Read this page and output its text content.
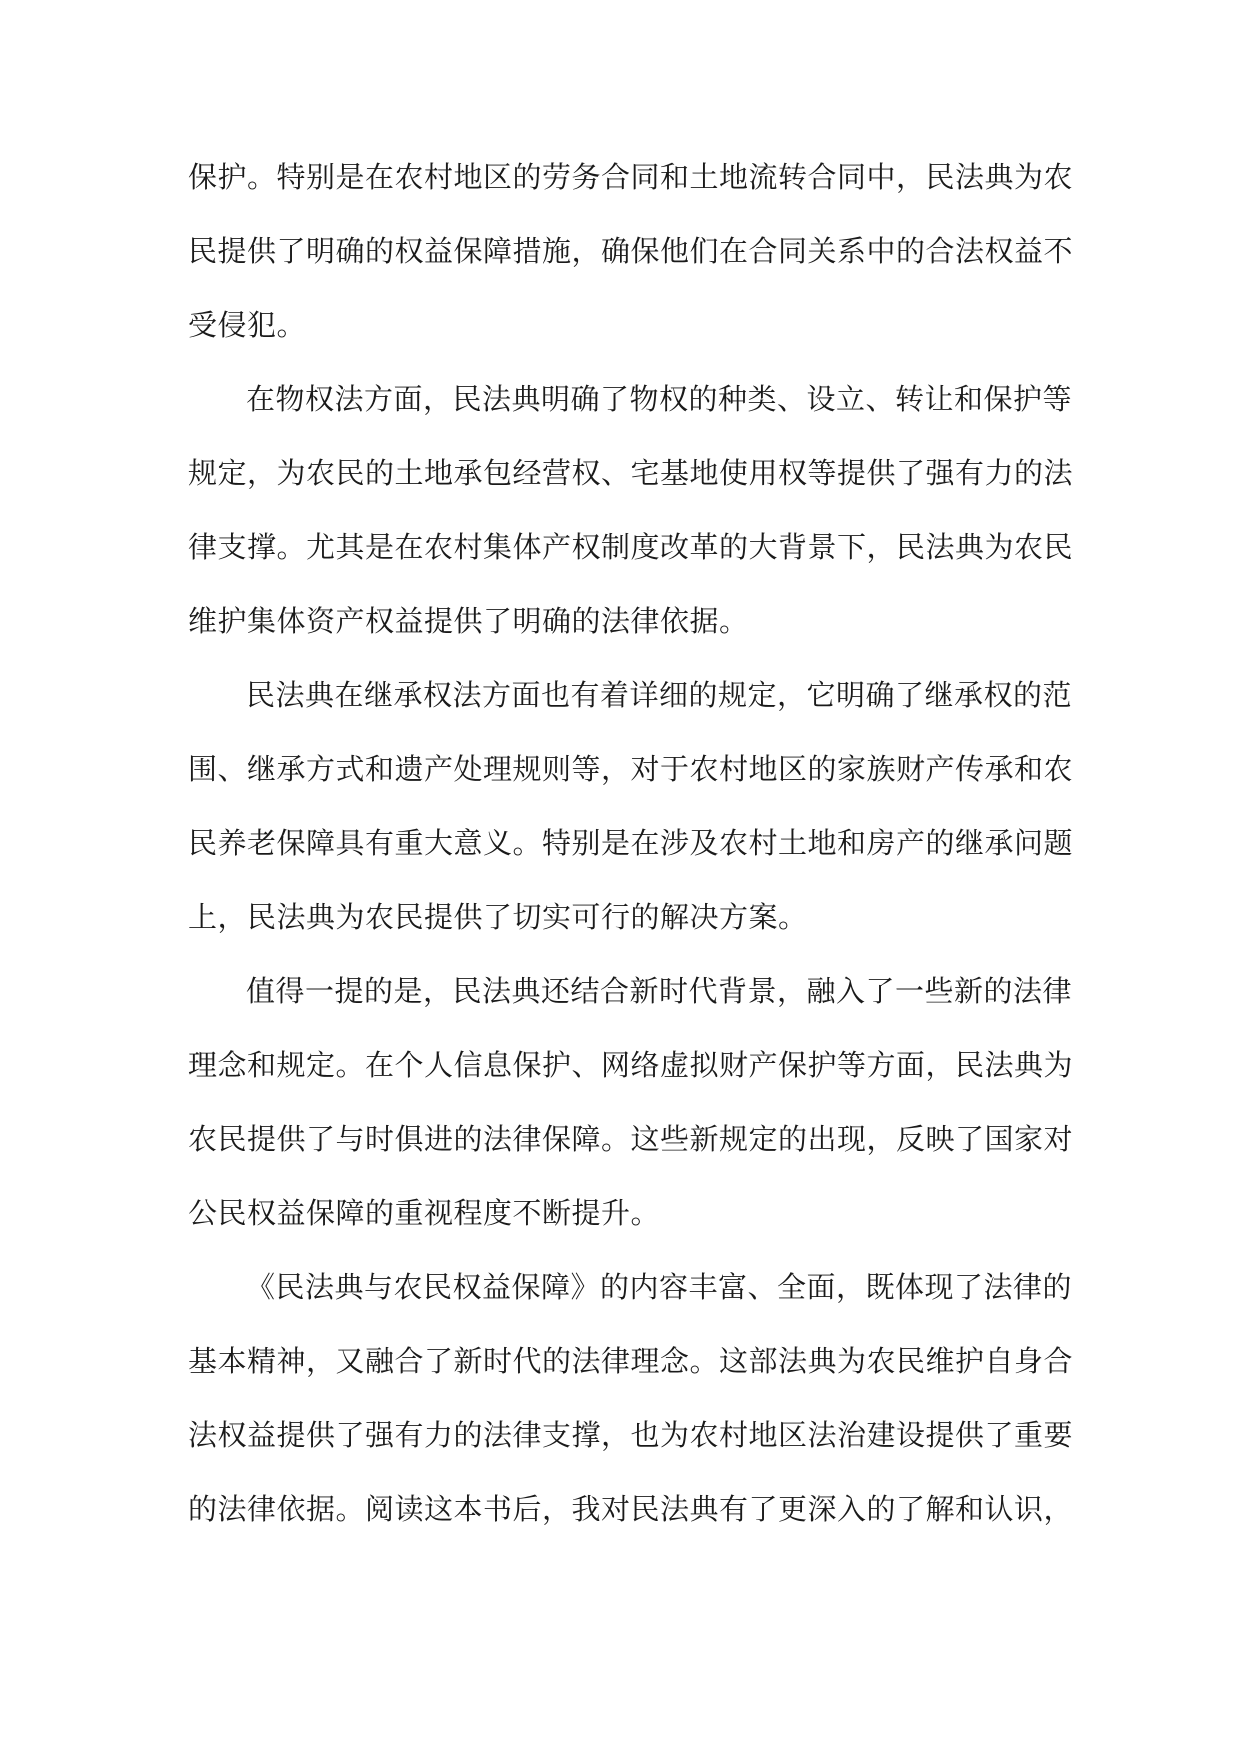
保护。特别是在农村地区的劳务合同和土地流转合同中，民法典为农
民提供了明确的权益保障措施，确保他们在合同关系中的合法权益不
受侵犯。

在物权法方面，民法典明确了物权的种类、设立、转让和保护等
规定，为农民的土地承包经营权、宅基地使用权等提供了强有力的法
律支撑。尤其是在农村集体产权制度改革的大背景下，民法典为农民
维护集体资产权益提供了明确的法律依据。

民法典在继承权法方面也有着详细的规定，它明确了继承权的范
围、继承方式和遗产处理规则等，对于农村地区的家族财产传承和农
民养老保障具有重大意义。特别是在涉及农村土地和房产的继承问题
上，民法典为农民提供了切实可行的解决方案。

值得一提的是，民法典还结合新时代背景，融入了一些新的法律
理念和规定。在个人信息保护、网络虚拟财产保护等方面，民法典为
农民提供了与时俱进的法律保障。这些新规定的出现，反映了国家对
公民权益保障的重视程度不断提升。

《民法典与农民权益保障》的内容丰富、全面，既体现了法律的
基本精神，又融合了新时代的法律理念。这部法典为农民维护自身合
法权益提供了强有力的法律支撑，也为农村地区法治建设提供了重要
的法律依据。阅读这本书后，我对民法典有了更深入的了解和认识，
